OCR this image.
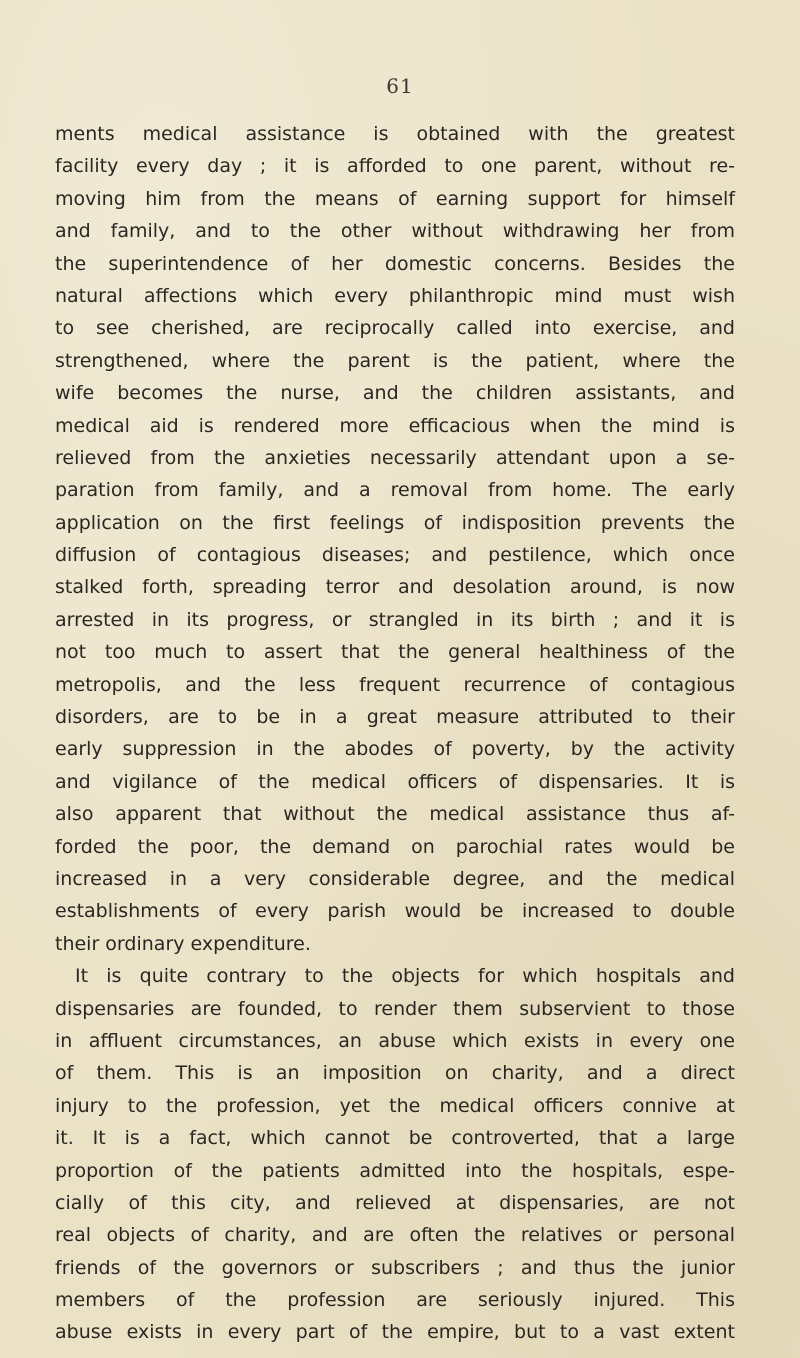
61
ments medical assistance is obtained with the greatest
facility every day ; it is afforded to one parent, without re-
moving him from the means of earning support for himself
and family, and to the other without withdrawing her from
the superintendence of her domestic concerns. Besides the
natural affections which every philanthropic mind must wish
to see cherished, are reciprocally called into exercise, and
strengthened, where the parent is the patient, where the
wife becomes the nurse, and the children assistants, and
medical aid is rendered more efficacious when the mind is
relieved from the anxieties necessarily attendant upon a se-
paration from family, and a removal from home. The early
application on the first feelings of indisposition prevents the
diffusion of contagious diseases; and pestilence, which once
stalked forth, spreading terror and desolation around, is now
arrested in its progress, or strangled in its birth ; and it is
not too much to assert that the general healthiness of the
metropolis, and the less frequent recurrence of contagious
disorders, are to be in a great measure attributed to their
early suppression in the abodes of poverty, by the activity
and vigilance of the medical officers of dispensaries. It is
also apparent that without the medical assistance thus af-
forded the poor, the demand on parochial rates would be
increased in a very considerable degree, and the medical
establishments of every parish would be increased to double
their ordinary expenditure.
It is quite contrary to the objects for which hospitals and
dispensaries are founded, to render them subservient to those
in affluent circumstances, an abuse which exists in every one
of them. This is an imposition on charity, and a direct
injury to the profession, yet the medical officers connive at
it. It is a fact, which cannot be controverted, that a large
proportion of the patients admitted into the hospitals, espe-
cially of this city, and relieved at dispensaries, are not
real objects of charity, and are often the relatives or personal
friends of the governors or subscribers ; and thus the junior
members of the profession are seriously injured. This
abuse exists in every part of the empire, but to a vast extent
